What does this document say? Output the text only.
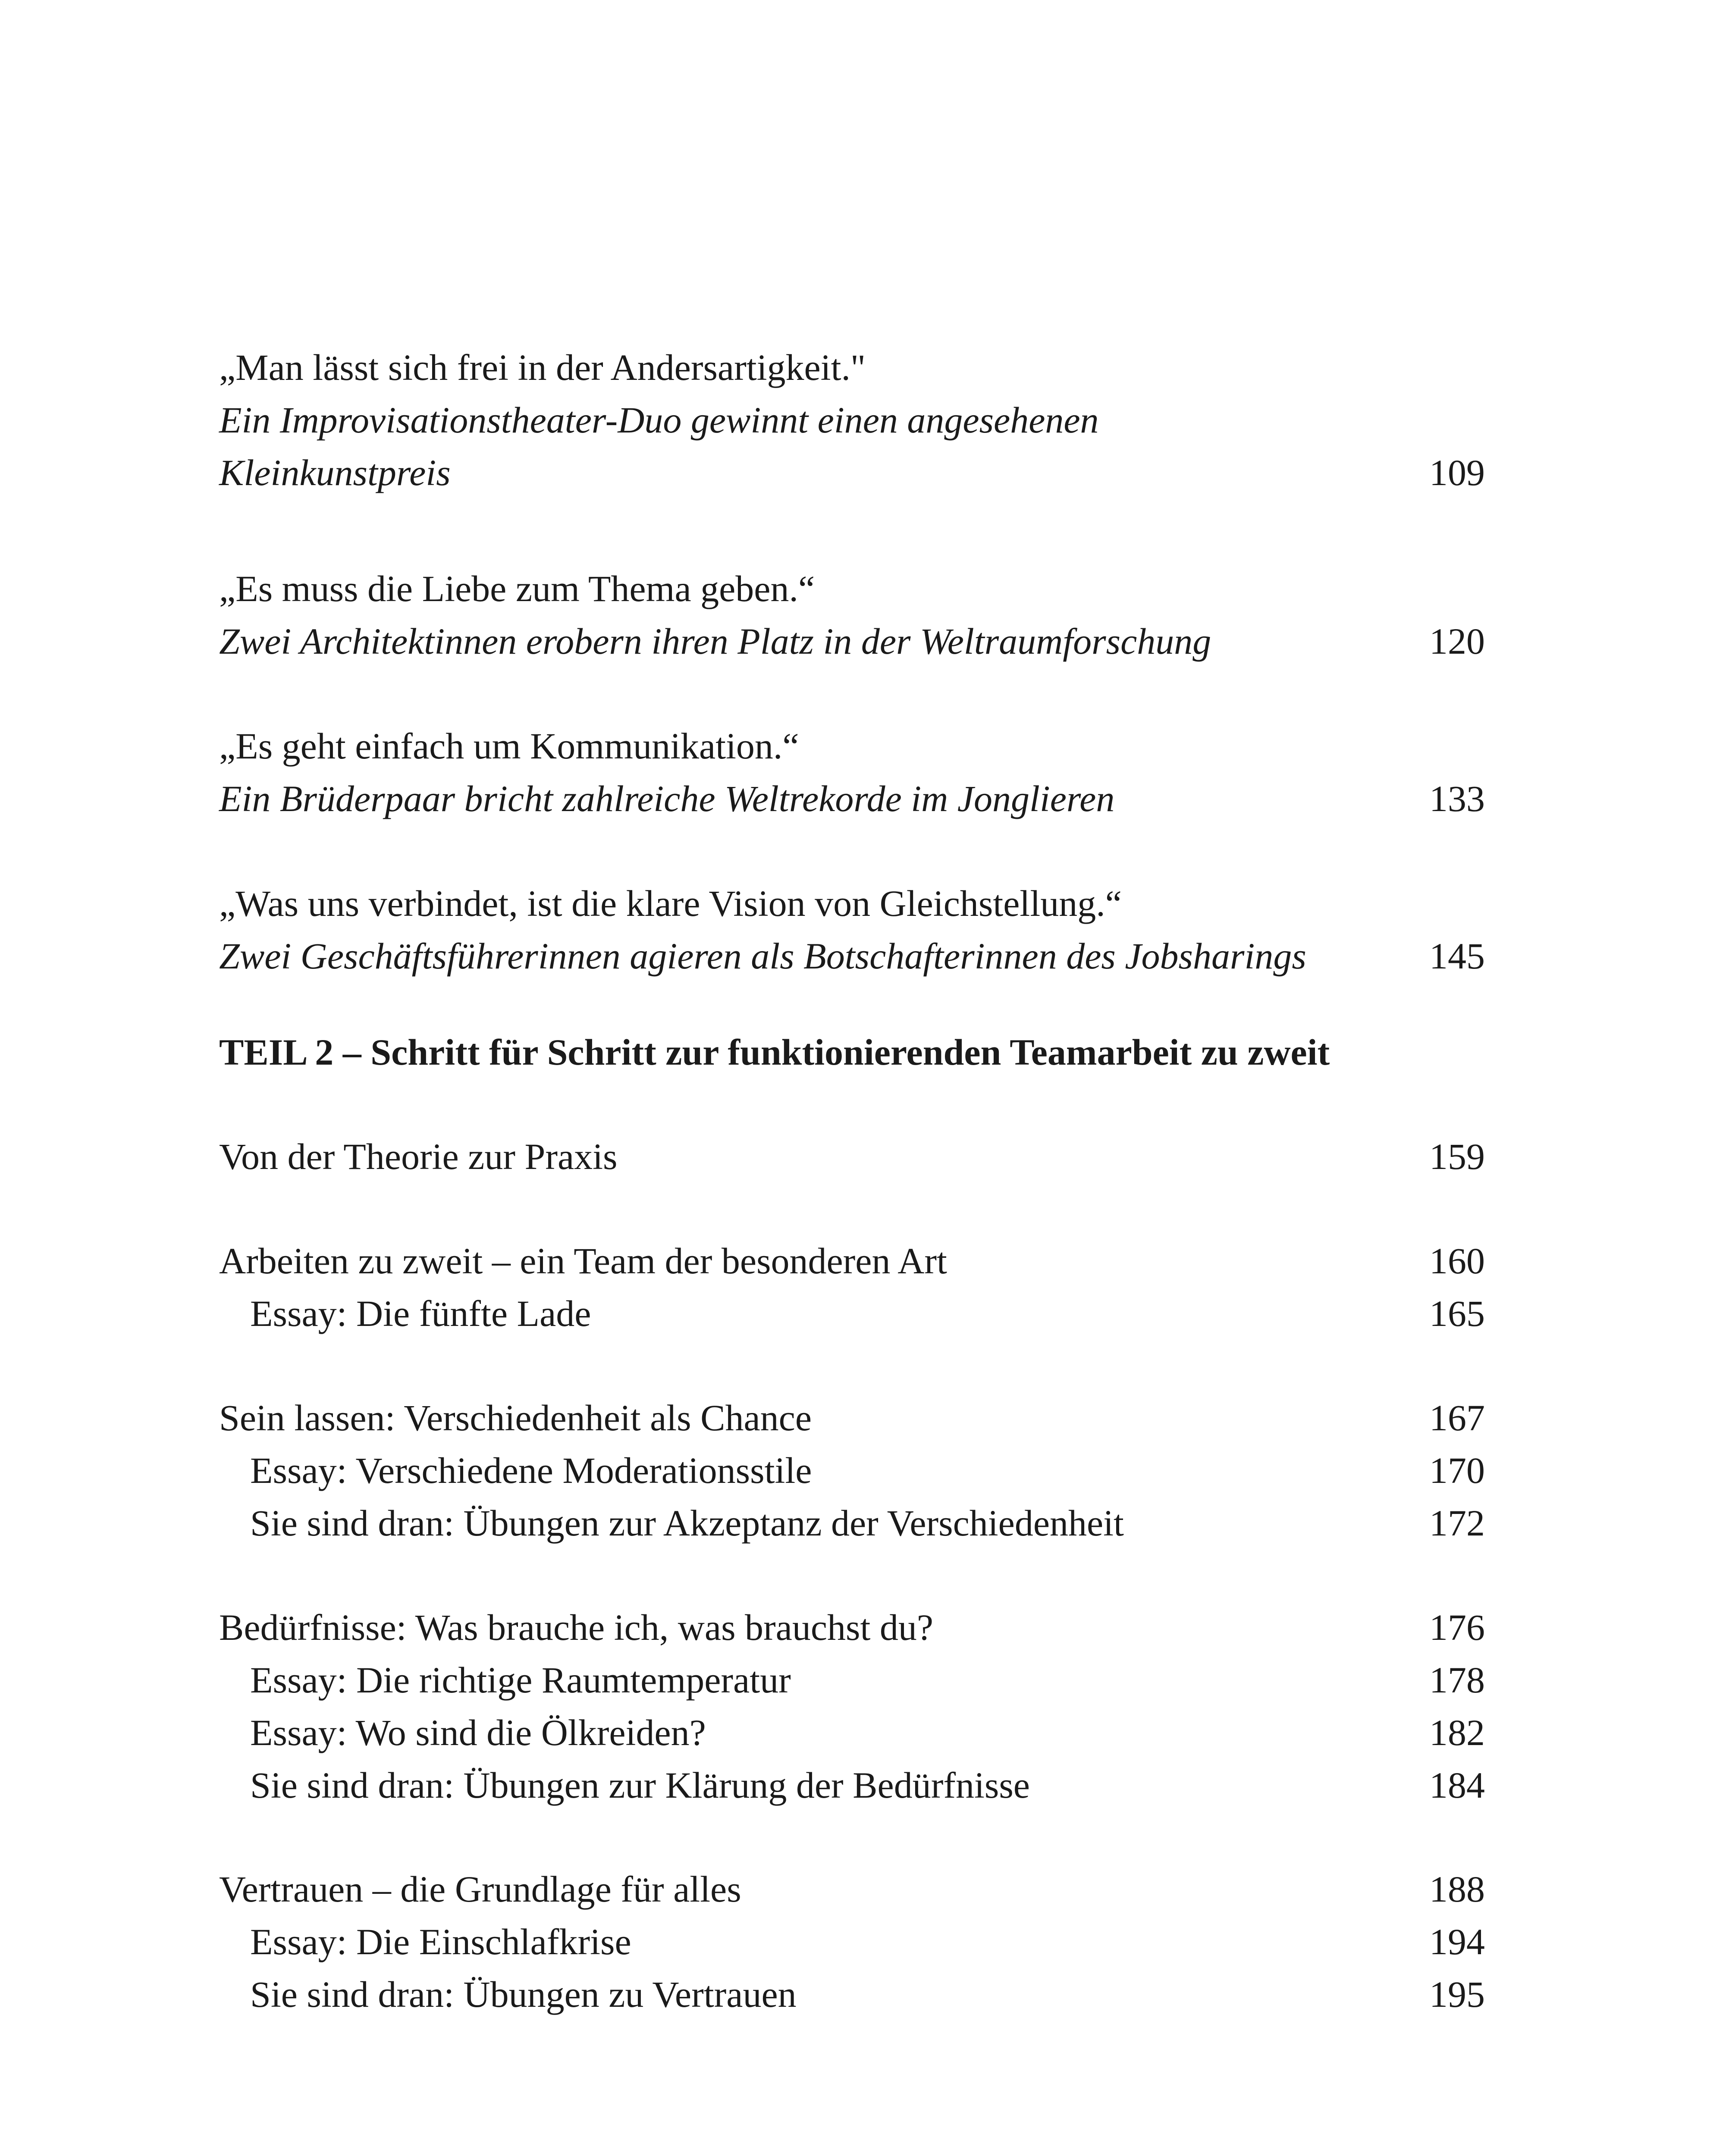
„Man lässt sich frei in der Andersartigkeit."
Ein Improvisationstheater-Duo gewinnt einen angesehenen
Kleinkunstpreis	109
„Es muss die Liebe zum Thema geben.“
Zwei Architektinnen erobern ihren Platz in der Weltraumforschung	120
„Es geht einfach um Kommunikation.“
Ein Brüderpaar bricht zahlreiche Weltrekorde im Jonglieren	133
„Was uns verbindet, ist die klare Vision von Gleichstellung.“
Zwei Geschäftsführerinnen agieren als Botschafterinnen des Jobsharings	145
TEIL 2 – Schritt für Schritt zur funktionierenden Teamarbeit zu zweit
Von der Theorie zur Praxis	159
Arbeiten zu zweit – ein Team der besonderen Art	160
Essay: Die fünfte Lade	165
Sein lassen: Verschiedenheit als Chance	167
Essay: Verschiedene Moderationsstile	170
Sie sind dran: Übungen zur Akzeptanz der Verschiedenheit	172
Bedürfnisse: Was brauche ich, was brauchst du?	176
Essay: Die richtige Raumtemperatur	178
Essay: Wo sind die Ölkreiden?	182
Sie sind dran: Übungen zur Klärung der Bedürfnisse	184
Vertrauen – die Grundlage für alles	188
Essay: Die Einschlafkrise	194
Sie sind dran: Übungen zu Vertrauen	195
